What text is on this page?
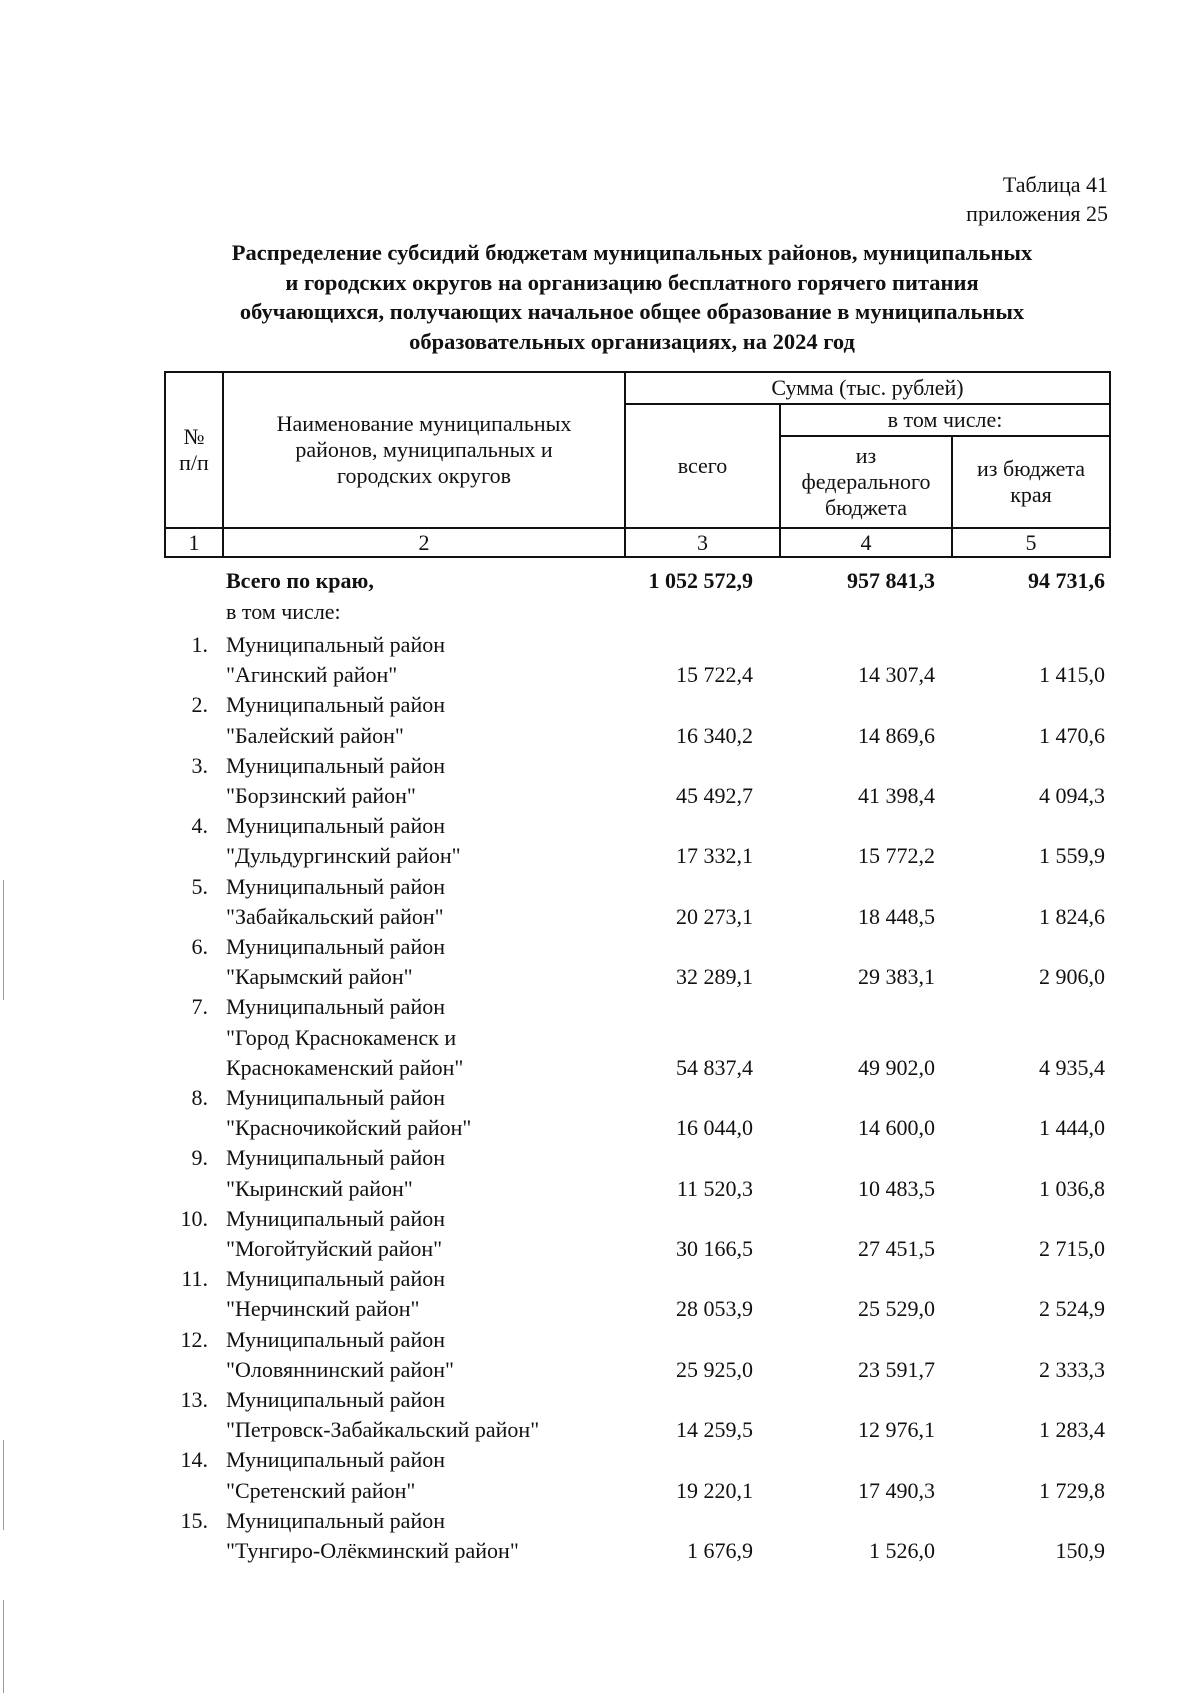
Таблица 41
приложения 25
Распределение субсидий бюджетам муниципальных районов, муниципальных
и городских округов на организацию бесплатного горячего питания
обучающихся, получающих начальное общее образование в муниципальных
образовательных организациях, на 2024 год
№ п/п	Наименование муниципальных районов, муниципальных и городских округов	Сумма (тыс. рублей)		
		всего	в том числе:	
			из федерального бюджета	из бюджета края
1	2	3	4	5
Всего по краю,	1 052 572,9	957 841,3	94 731,6
в том числе:
1. Муниципальный район
"Агинский район"	15 722,4	14 307,4	1 415,0
2. Муниципальный район
"Балейский район"	16 340,2	14 869,6	1 470,6
3. Муниципальный район
"Борзинский район"	45 492,7	41 398,4	4 094,3
4. Муниципальный район
"Дульдургинский район"	17 332,1	15 772,2	1 559,9
5. Муниципальный район
"Забайкальский район"	20 273,1	18 448,5	1 824,6
6. Муниципальный район
"Карымский район"	32 289,1	29 383,1	2 906,0
7. Муниципальный район
"Город Краснокаменск и
Краснокаменский район"	54 837,4	49 902,0	4 935,4
8. Муниципальный район
"Красночикойский район"	16 044,0	14 600,0	1 444,0
9. Муниципальный район
"Кыринский район"	11 520,3	10 483,5	1 036,8
10. Муниципальный район
"Могойтуйский район"	30 166,5	27 451,5	2 715,0
11. Муниципальный район
"Нерчинский район"	28 053,9	25 529,0	2 524,9
12. Муниципальный район
"Оловяннинский район"	25 925,0	23 591,7	2 333,3
13. Муниципальный район
"Петровск-Забайкальский район"	14 259,5	12 976,1	1 283,4
14. Муниципальный район
"Сретенский район"	19 220,1	17 490,3	1 729,8
15. Муниципальный район
"Тунгиро-Олёкминский район"	1 676,9	1 526,0	150,9
